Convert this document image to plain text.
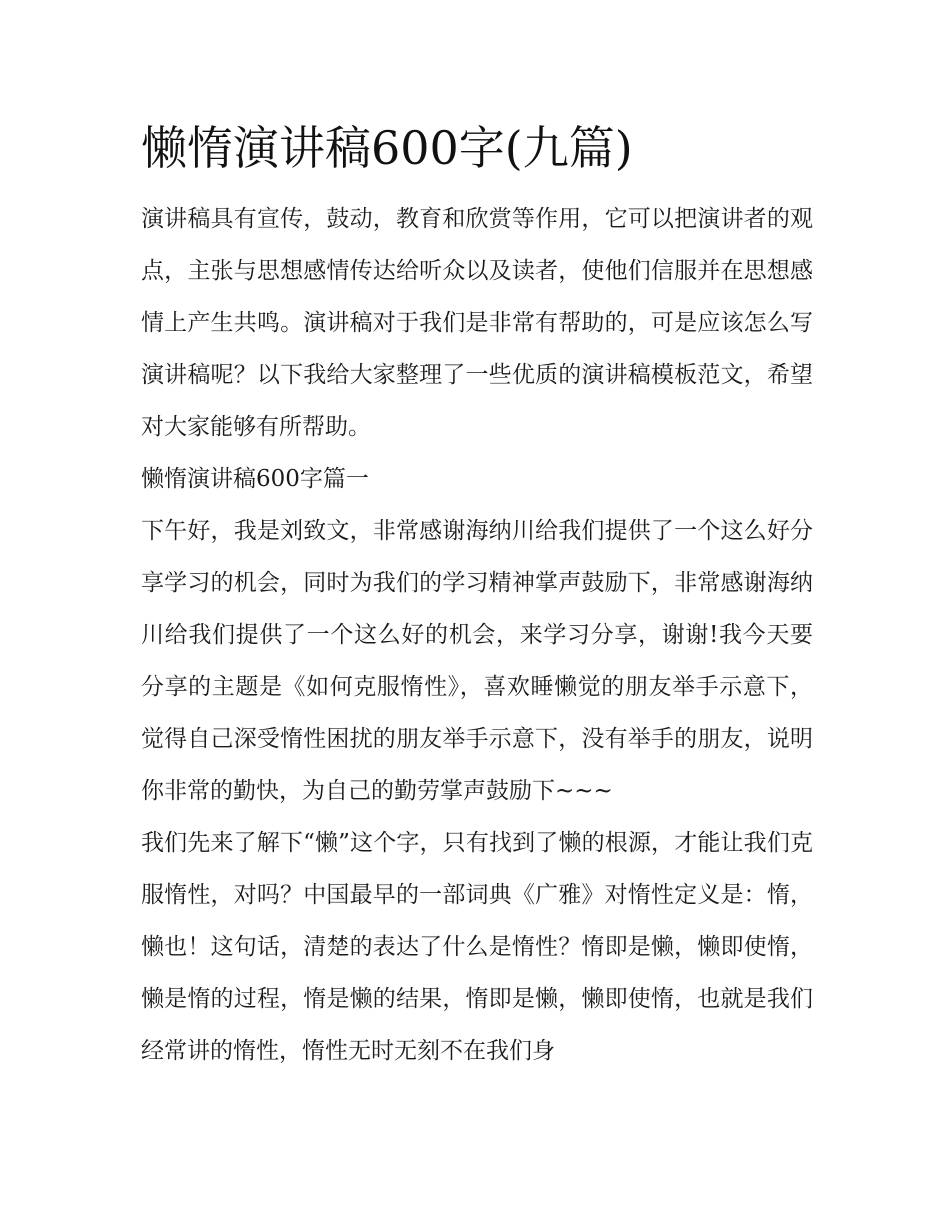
懒惰演讲稿600字(九篇)

演讲稿具有宣传，鼓动，教育和欣赏等作用，它可以把演讲者的观点，主张与思想感情传达给听众以及读者，使他们信服并在思想感情上产生共鸣。演讲稿对于我们是非常有帮助的，可是应该怎么写演讲稿呢？以下我给大家整理了一些优质的演讲稿模板范文，希望对大家能够有所帮助。

懒惰演讲稿600字篇一

下午好，我是刘致文，非常感谢海纳川给我们提供了一个这么好分享学习的机会，同时为我们的学习精神掌声鼓励下，非常感谢海纳川给我们提供了一个这么好的机会，来学习分享，谢谢!我今天要分享的主题是《如何克服惰性》，喜欢睡懒觉的朋友举手示意下，觉得自己深受惰性困扰的朋友举手示意下，没有举手的朋友，说明你非常的勤快，为自己的勤劳掌声鼓励下~~~

我们先来了解下“懒”这个字，只有找到了懒的根源，才能让我们克服惰性，对吗？中国最早的一部词典《广雅》对惰性定义是：惰，懒也！这句话，清楚的表达了什么是惰性？惰即是懒，懒即使惰，懒是惰的过程，惰是懒的结果，惰即是懒，懒即使惰，也就是我们经常讲的惰性，惰性无时无刻不在我们身
